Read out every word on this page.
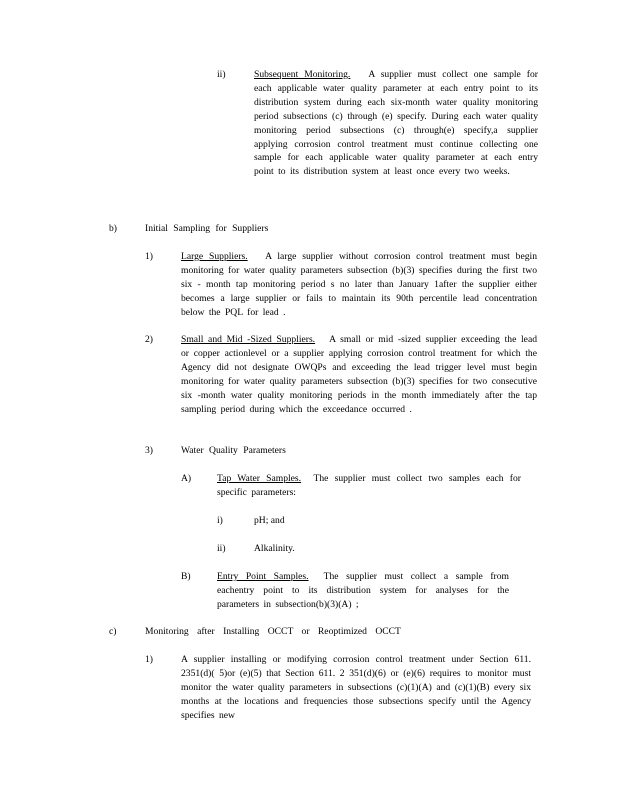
ii)	Subsequent Monitoring. A supplier must collect one sample for each applicable water quality parameter at each entry point to its distribution system during each six-month water quality monitoring period subsections (c) through (e) specify. During each water quality monitoring period subsections (c) through(e) specify,a supplier applying corrosion control treatment must continue collecting one sample for each applicable water quality parameter at each entry point to its distribution system at least once every two weeks.
b)	Initial Sampling for Suppliers
1)	Large Suppliers. A large supplier without corrosion control treatment must begin monitoring for water quality parameters subsection (b)(3) specifies during the first two six - month tap monitoring period s no later than January 1after the supplier either becomes a large supplier or fails to maintain its 90th percentile lead concentration below the PQL for lead .
2)	Small and Mid -Sized Suppliers. A small or mid -sized supplier exceeding the lead or copper actionlevel or a supplier applying corrosion control treatment for which the Agency did not designate OWQPs and exceeding the lead trigger level must begin monitoring for water quality parameters subsection (b)(3) specifies for two consecutive six -month water quality monitoring periods in the month immediately after the tap sampling period during which the exceedance occurred .
3)	Water Quality Parameters
A)	Tap Water Samples. The supplier must collect two samples each for specific parameters:
i)	pH; and
ii)	Alkalinity.
B)	Entry Point Samples. The supplier must collect a sample from eachentry point to its distribution system for analyses for the parameters in subsection(b)(3)(A) ;
c)	Monitoring after Installing OCCT or Reoptimized OCCT
1)	A supplier installing or modifying corrosion control treatment under Section 611. 2351(d)( 5)or (e)(5) that Section 611. 2 351(d)(6) or (e)(6) requires to monitor must monitor the water quality parameters in subsections (c)(1)(A) and (c)(1)(B) every six months at the locations and frequencies those subsections specify until the Agency specifies new
